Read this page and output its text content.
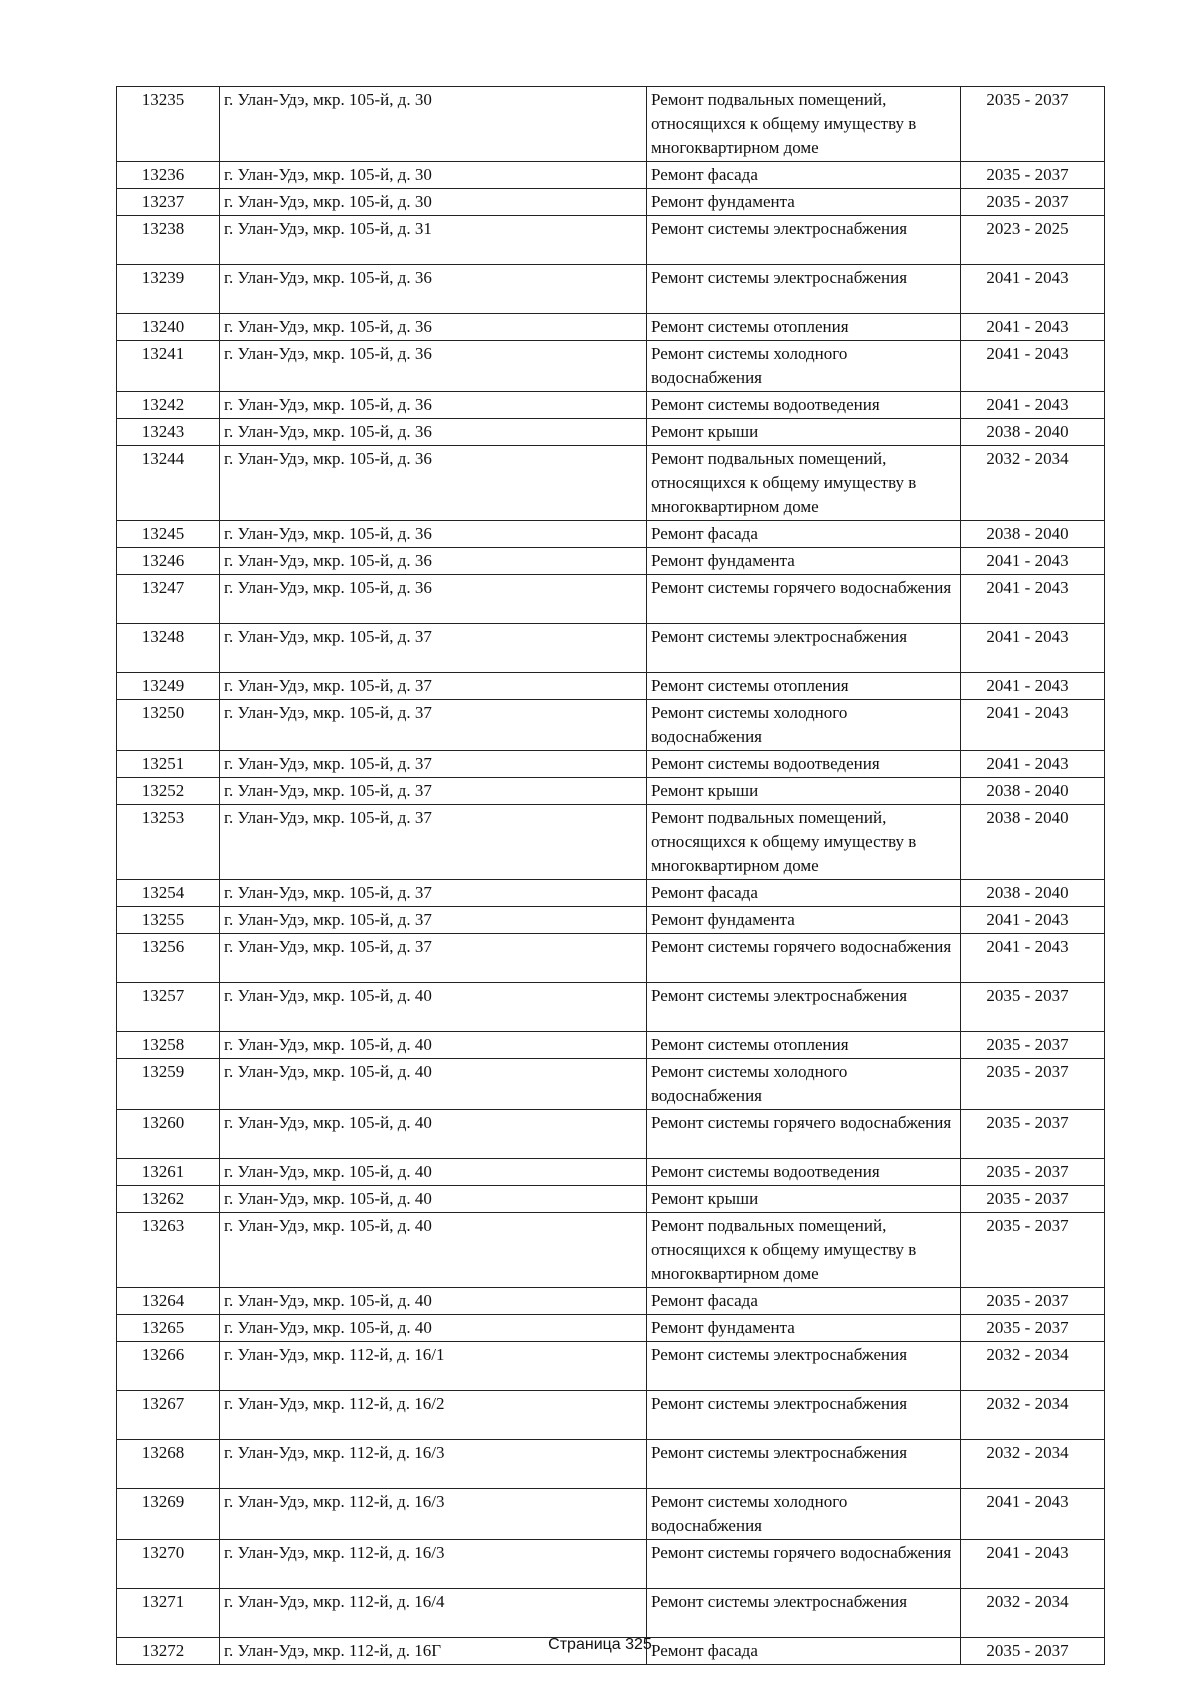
13235	г. Улан-Удэ, мкр. 105-й, д. 30	Ремонт подвальных помещений, относящихся к общему имуществу в многоквартирном доме	2035 - 2037
13236	г. Улан-Удэ, мкр. 105-й, д. 30	Ремонт фасада	2035 - 2037
13237	г. Улан-Удэ, мкр. 105-й, д. 30	Ремонт фундамента	2035 - 2037
13238	г. Улан-Удэ, мкр. 105-й, д. 31	Ремонт системы электроснабжения	2023 - 2025
13239	г. Улан-Удэ, мкр. 105-й, д. 36	Ремонт системы электроснабжения	2041 - 2043
13240	г. Улан-Удэ, мкр. 105-й, д. 36	Ремонт системы отопления	2041 - 2043
13241	г. Улан-Удэ, мкр. 105-й, д. 36	Ремонт системы холодного водоснабжения	2041 - 2043
13242	г. Улан-Удэ, мкр. 105-й, д. 36	Ремонт системы водоотведения	2041 - 2043
13243	г. Улан-Удэ, мкр. 105-й, д. 36	Ремонт крыши	2038 - 2040
13244	г. Улан-Удэ, мкр. 105-й, д. 36	Ремонт подвальных помещений, относящихся к общему имуществу в многоквартирном доме	2032 - 2034
13245	г. Улан-Удэ, мкр. 105-й, д. 36	Ремонт фасада	2038 - 2040
13246	г. Улан-Удэ, мкр. 105-й, д. 36	Ремонт фундамента	2041 - 2043
13247	г. Улан-Удэ, мкр. 105-й, д. 36	Ремонт системы горячего водоснабжения	2041 - 2043
13248	г. Улан-Удэ, мкр. 105-й, д. 37	Ремонт системы электроснабжения	2041 - 2043
13249	г. Улан-Удэ, мкр. 105-й, д. 37	Ремонт системы отопления	2041 - 2043
13250	г. Улан-Удэ, мкр. 105-й, д. 37	Ремонт системы холодного водоснабжения	2041 - 2043
13251	г. Улан-Удэ, мкр. 105-й, д. 37	Ремонт системы водоотведения	2041 - 2043
13252	г. Улан-Удэ, мкр. 105-й, д. 37	Ремонт крыши	2038 - 2040
13253	г. Улан-Удэ, мкр. 105-й, д. 37	Ремонт подвальных помещений, относящихся к общему имуществу в многоквартирном доме	2038 - 2040
13254	г. Улан-Удэ, мкр. 105-й, д. 37	Ремонт фасада	2038 - 2040
13255	г. Улан-Удэ, мкр. 105-й, д. 37	Ремонт фундамента	2041 - 2043
13256	г. Улан-Удэ, мкр. 105-й, д. 37	Ремонт системы горячего водоснабжения	2041 - 2043
13257	г. Улан-Удэ, мкр. 105-й, д. 40	Ремонт системы электроснабжения	2035 - 2037
13258	г. Улан-Удэ, мкр. 105-й, д. 40	Ремонт системы отопления	2035 - 2037
13259	г. Улан-Удэ, мкр. 105-й, д. 40	Ремонт системы холодного водоснабжения	2035 - 2037
13260	г. Улан-Удэ, мкр. 105-й, д. 40	Ремонт системы горячего водоснабжения	2035 - 2037
13261	г. Улан-Удэ, мкр. 105-й, д. 40	Ремонт системы водоотведения	2035 - 2037
13262	г. Улан-Удэ, мкр. 105-й, д. 40	Ремонт крыши	2035 - 2037
13263	г. Улан-Удэ, мкр. 105-й, д. 40	Ремонт подвальных помещений, относящихся к общему имуществу в многоквартирном доме	2035 - 2037
13264	г. Улан-Удэ, мкр. 105-й, д. 40	Ремонт фасада	2035 - 2037
13265	г. Улан-Удэ, мкр. 105-й, д. 40	Ремонт фундамента	2035 - 2037
13266	г. Улан-Удэ, мкр. 112-й, д. 16/1	Ремонт системы электроснабжения	2032 - 2034
13267	г. Улан-Удэ, мкр. 112-й, д. 16/2	Ремонт системы электроснабжения	2032 - 2034
13268	г. Улан-Удэ, мкр. 112-й, д. 16/3	Ремонт системы электроснабжения	2032 - 2034
13269	г. Улан-Удэ, мкр. 112-й, д. 16/3	Ремонт системы холодного водоснабжения	2041 - 2043
13270	г. Улан-Удэ, мкр. 112-й, д. 16/3	Ремонт системы горячего водоснабжения	2041 - 2043
13271	г. Улан-Удэ, мкр. 112-й, д. 16/4	Ремонт системы электроснабжения	2032 - 2034
13272	г. Улан-Удэ, мкр. 112-й, д. 16Г	Ремонт фасада	2035 - 2037
Страница 325
